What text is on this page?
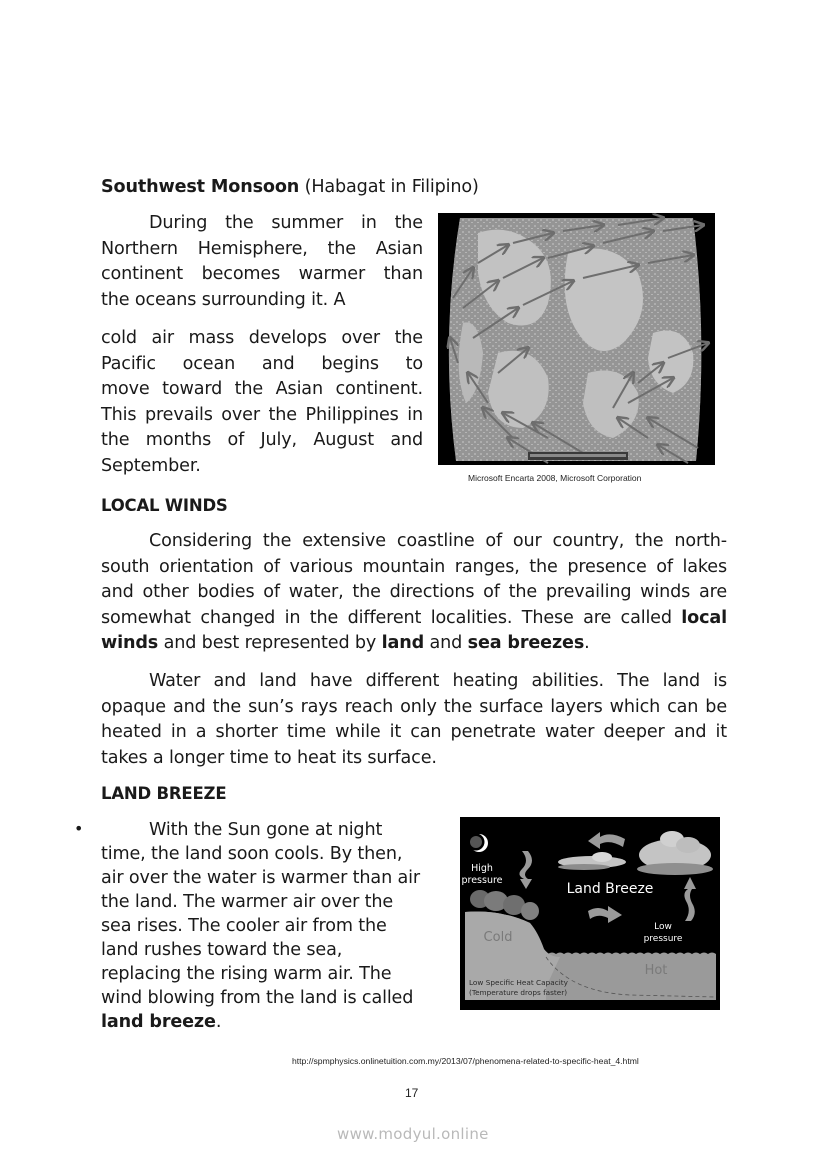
Southwest Monsoon (Habagat in Filipino)
During the summer in the
Northern Hemisphere, the Asian
continent becomes warmer than
the oceans surrounding it. A
cold air mass develops over the
Pacific ocean and begins to
move toward the Asian continent.
This prevails over the Philippines in
the months of July, August and
September.
Microsoft Encarta 2008, Microsoft Corporation
LOCAL WINDS
Considering the extensive coastline of our country, the north-south orientation of various mountain ranges, the presence of lakes and other bodies of water, the directions of the prevailing winds are somewhat changed in the different localities. These are called local winds and best represented by land and sea breezes.
Water and land have different heating abilities. The land is opaque and the sun’s rays reach only the surface layers which can be heated in a shorter time while it can penetrate water deeper and it takes a longer time to heat its surface.
LAND BREEZE
•	With the Sun gone at night
time, the land soon cools. By then,
air over the water is warmer than air
the land. The warmer air over the
sea rises. The cooler air from the
land rushes toward the sea,
replacing the rising warm air. The
wind blowing from the land is called
land breeze.
High
pressure
Land Breeze
Low
pressure
Cold
Hot
Low Specific Heat Capacity
(Temperature drops faster)
http://spmphysics.onlinetuition.com.my/2013/07/phenomena-related-to-specific-heat_4.html
17
www.modyul.online
